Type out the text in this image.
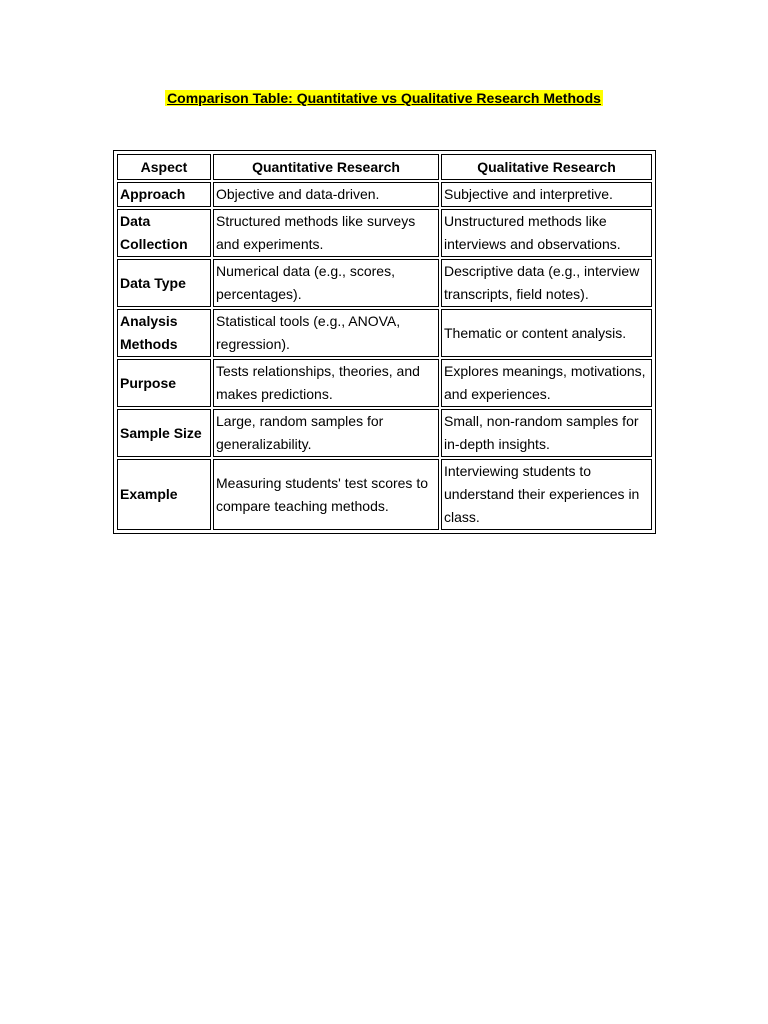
Comparison Table: Quantitative vs Qualitative Research Methods
Aspect	Quantitative Research	Qualitative Research
Approach	Objective and data-driven.	Subjective and interpretive.
Data Collection	Structured methods like surveys and experiments.	Unstructured methods like interviews and observations.
Data Type	Numerical data (e.g., scores, percentages).	Descriptive data (e.g., interview transcripts, field notes).
Analysis Methods	Statistical tools (e.g., ANOVA, regression).	Thematic or content analysis.
Purpose	Tests relationships, theories, and makes predictions.	Explores meanings, motivations, and experiences.
Sample Size	Large, random samples for generalizability.	Small, non-random samples for in-depth insights.
Example	Measuring students' test scores to compare teaching methods.	Interviewing students to understand their experiences in class.
